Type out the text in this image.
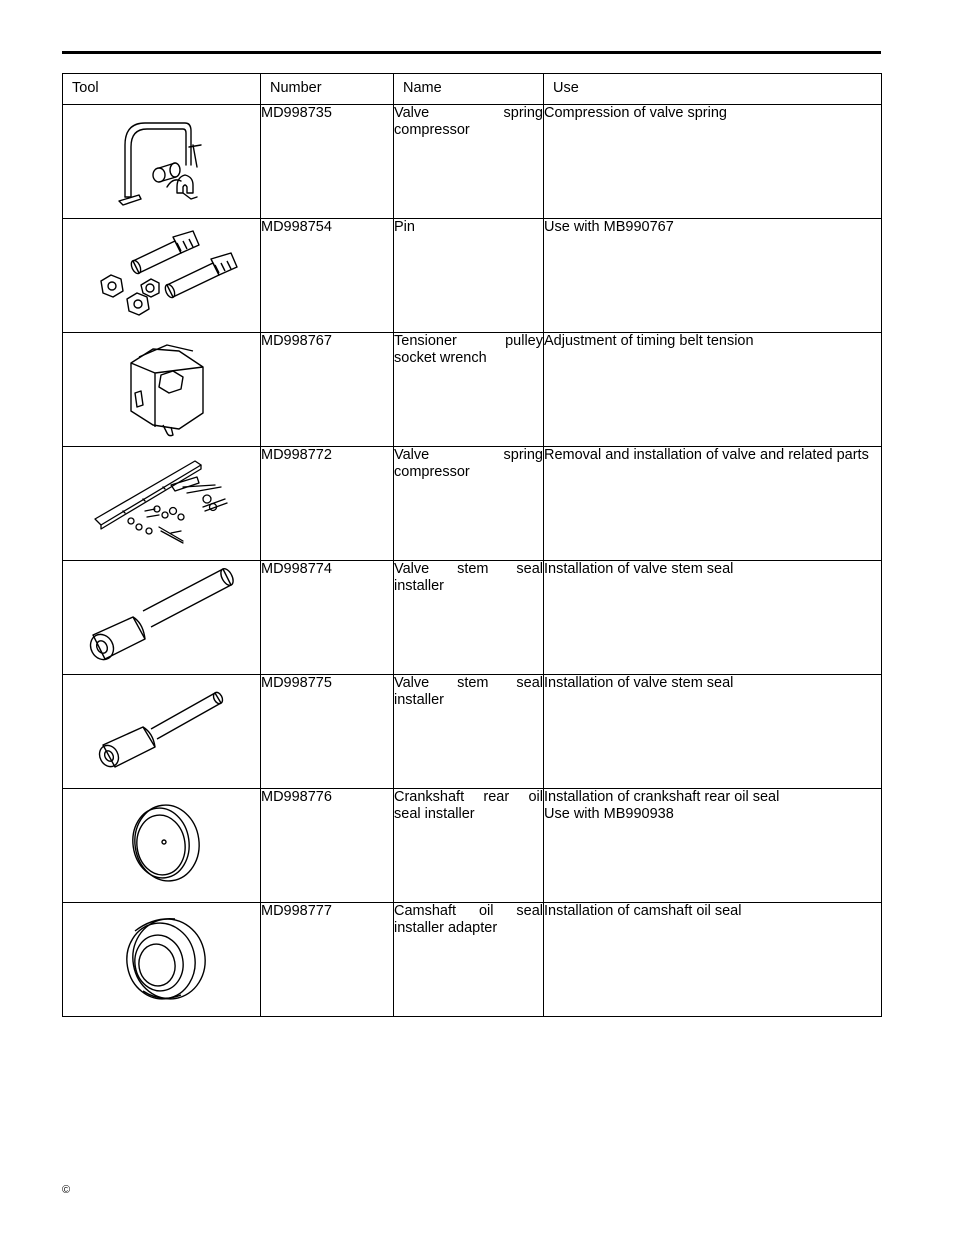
Tool	Number	Name	Use

	MD998735	Valve spring compressor	Compression of valve spring

	MD998754	Pin	Use with MB990767

	MD998767	Tensioner pulley socket wrench	Adjustment of timing belt tension

	MD998772	Valve spring compressor	Removal and installation of valve and related parts

	MD998774	Valve stem seal installer	Installation of valve stem seal

	MD998775	Valve stem seal installer	Installation of valve stem seal

	MD998776	Crankshaft rear oil seal installer	Installation of crankshaft rear oil seal
Use with MB990938

	MD998777	Camshaft oil seal installer adapter	Installation of camshaft oil seal
©
